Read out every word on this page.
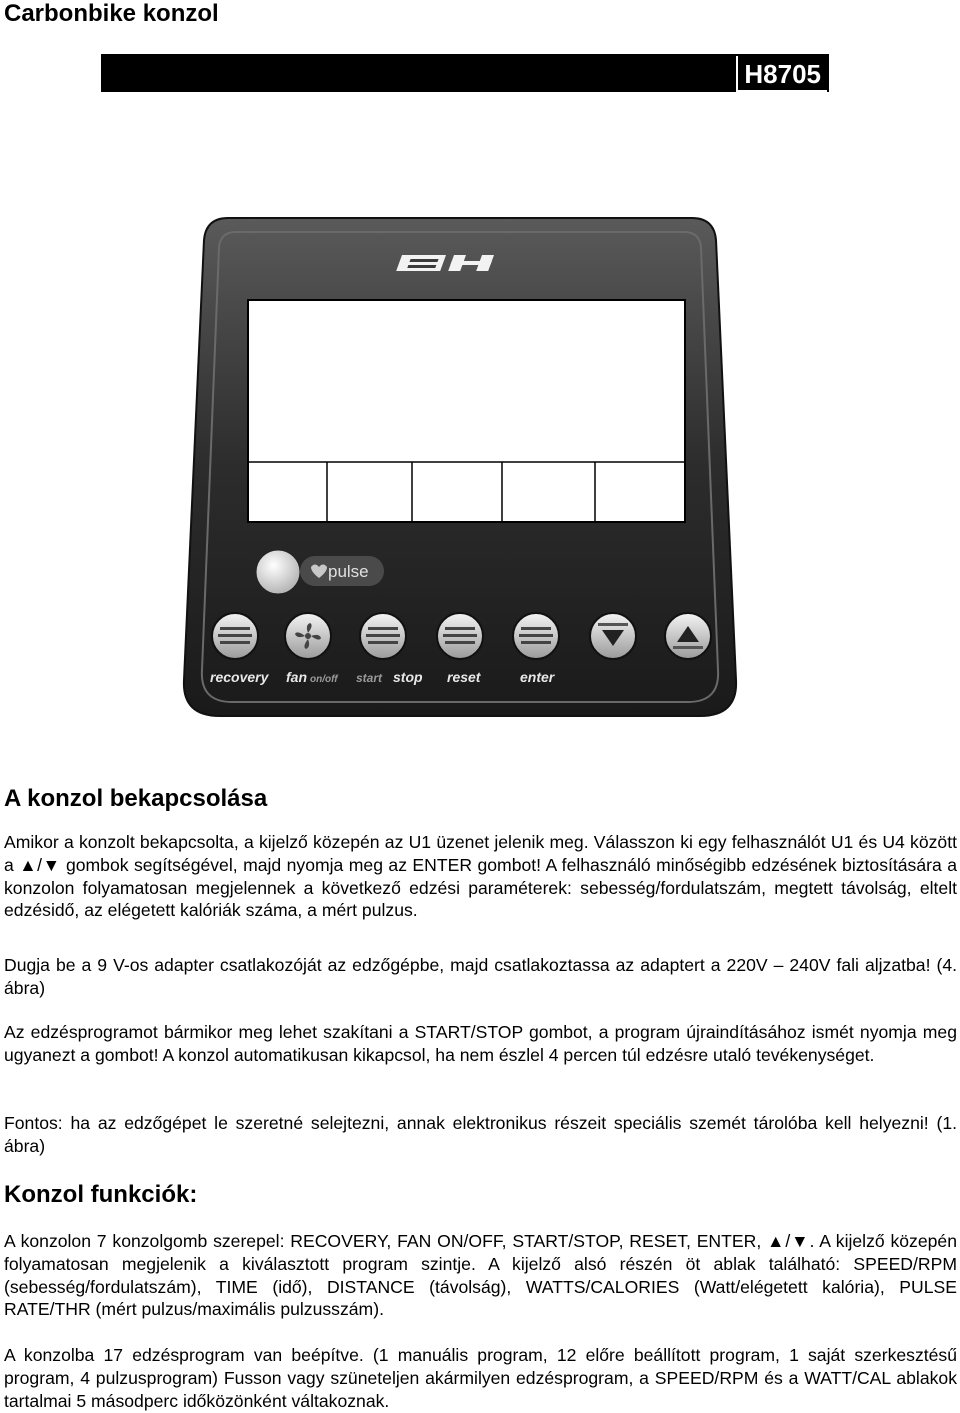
Carbonbike konzol
H8705
pulse
recovery fan on/off start stop reset	enter
A konzol bekapcsolása

Amikor a konzolt bekapcsolta, a kijelző közepén az U1 üzenet jelenik meg. Válasszon ki egy felhasználót U1 és U4 között a ▲/▼ gombok segítségével, majd nyomja meg az ENTER gombot! A felhasználó minőségibb edzésének biztosítására a konzolon folyamatosan megjelennek a következő edzési paraméterek: sebesség/fordulatszám, megtett távolság, eltelt edzésidő, az elégetett kalóriák száma, a mért pulzus.

Dugja be a 9 V-os adapter csatlakozóját az edzőgépbe, majd csatlakoztassa az adaptert a 220V – 240V fali aljzatba! (4. ábra)

Az edzésprogramot bármikor meg lehet szakítani a START/STOP gombot, a program újraindításához ismét nyomja meg ugyanezt a gombot! A konzol automatikusan kikapcsol, ha nem észlel 4 percen túl edzésre utaló tevékenységet.

Fontos: ha az edzőgépet le szeretné selejtezni, annak elektronikus részeit speciális szemét tárolóba kell helyezni! (1. ábra)

Konzol funkciók:

A konzolon 7 konzolgomb szerepel: RECOVERY, FAN ON/OFF, START/STOP, RESET, ENTER, ▲/▼. A kijelző közepén folyamatosan megjelenik a kiválasztott program szintje. A kijelző alsó részén öt ablak található: SPEED/RPM (sebesség/fordulatszám), TIME (idő), DISTANCE (távolság), WATTS/CALORIES (Watt/elégetett kalória), PULSE RATE/THR (mért pulzus/maximális pulzusszám).

A konzolba 17 edzésprogram van beépítve. (1 manuális program, 12 előre beállított program, 1 saját szerkesztésű program, 4 pulzusprogram) Fusson vagy szüneteljen akármilyen edzésprogram, a SPEED/RPM és a WATT/CAL ablakok tartalmai 5 másodperc időközönként váltakoznak.
